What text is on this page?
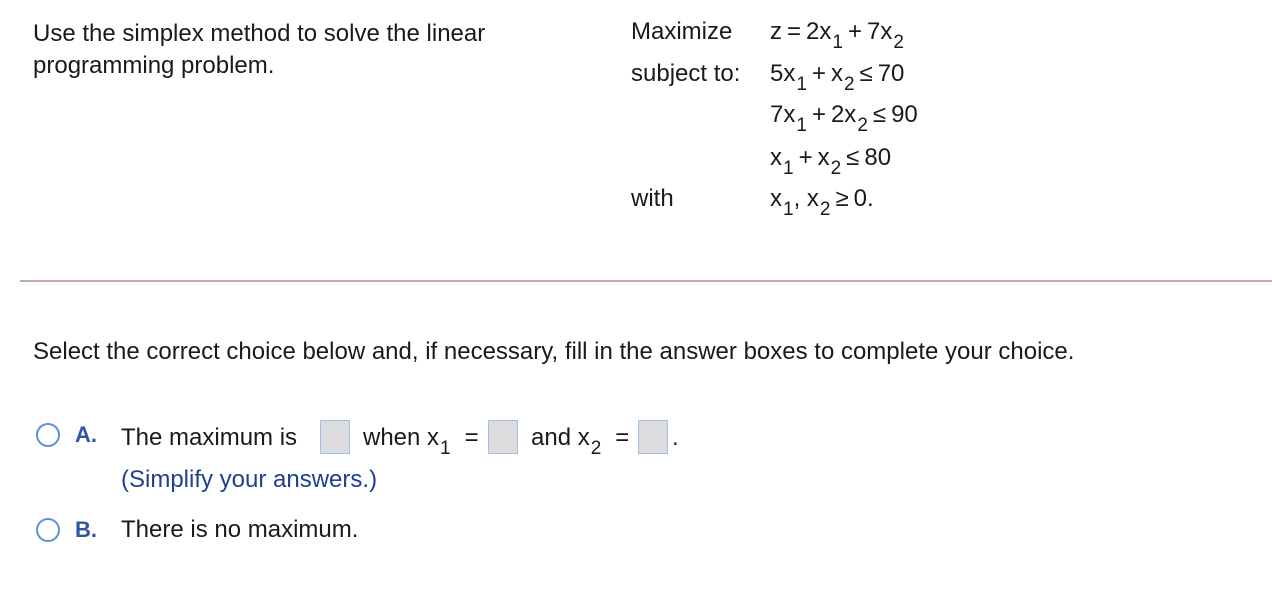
Use the simplex method to solve the linear programming problem.
Maximize
subject to:
with
$z = 2x_1 + 7x_2$
$5x_1 + x_2 \le 70$
$7x_1 + 2x_2 \le 90$
$x_1 + x_2 \le 80$
$x_1$, $x_2 \ge 0$.
Select the correct choice below and, if necessary, fill in the answer boxes to complete your choice.
A. The maximum is	when $x_1$ = and $x_2$ = .
(Simplify your answers.)
B. There is no maximum.
